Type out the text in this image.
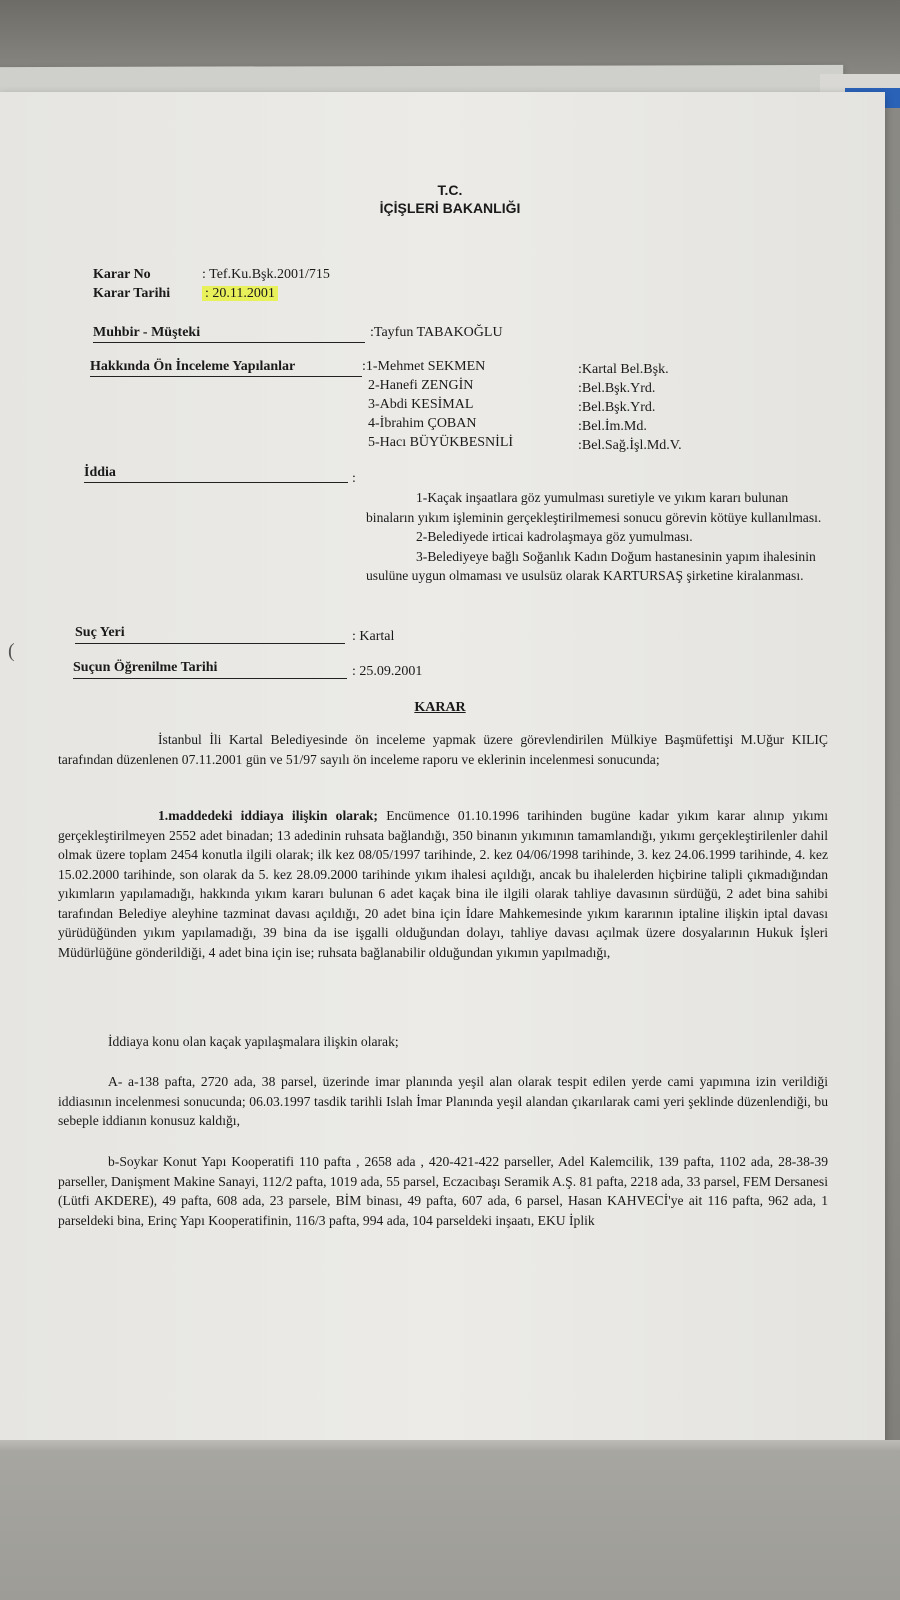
(
T.C.
İÇİŞLERİ BAKANLIĞI
Karar No	: Tef.Ku.Bşk.2001/715
Karar Tarihi : 20.11.2001
Muhbir - Müşteki	:Tayfun TABAKOĞLU
Hakkında Ön İnceleme Yapılanlar	:1-Mehmet SEKMEN	:Kartal Bel.Bşk.
2-Hanefi ZENGİN	:Bel.Bşk.Yrd.
3-Abdi KESİMAL	:Bel.Bşk.Yrd.
4-İbrahim ÇOBAN	:Bel.İm.Md.
5-Hacı BÜYÜKBESNİLİ	:Bel.Sağ.İşl.Md.V.
İddia	:

1-Kaçak inşaatlara göz yumulması suretiyle ve yıkım kararı bulunan binaların yıkım işleminin gerçekleştirilmemesi sonucu görevin kötüye kullanılması.

2-Belediyede irticai kadrolaşmaya göz yumulması.

3-Belediyeye bağlı Soğanlık Kadın Doğum hastanesinin yapım ihalesinin usulüne uygun olmaması ve usulsüz olarak KARTURSAŞ şirketine kiralanması.

Suç Yeri	: Kartal
Suçun Öğrenilme Tarihi	: 25.09.2001
KARAR

İstanbul İli Kartal Belediyesinde ön inceleme yapmak üzere görevlendirilen Mülkiye Başmüfettişi M.Uğur KILIÇ tarafından düzenlenen 07.11.2001 gün ve 51/97 sayılı ön inceleme raporu ve eklerinin incelenmesi sonucunda;

1.maddedeki iddiaya ilişkin olarak; Encümence 01.10.1996 tarihinden bugüne kadar yıkım karar alınıp yıkımı gerçekleştirilmeyen 2552 adet binadan; 13 adedinin ruhsata bağlandığı, 350 binanın yıkımının tamamlandığı, yıkımı gerçekleştirilenler dahil olmak üzere toplam 2454 konutla ilgili olarak; ilk kez 08/05/1997 tarihinde, 2. kez 04/06/1998 tarihinde, 3. kez 24.06.1999 tarihinde, 4. kez 15.02.2000 tarihinde, son olarak da 5. kez 28.09.2000 tarihinde yıkım ihalesi açıldığı, ancak bu ihalelerden hiçbirine talipli çıkmadığından yıkımların yapılamadığı, hakkında yıkım kararı bulunan 6 adet kaçak bina ile ilgili olarak tahliye davasının sürdüğü, 2 adet bina sahibi tarafından Belediye aleyhine tazminat davası açıldığı, 20 adet bina için İdare Mahkemesinde yıkım kararının iptaline ilişkin iptal davası yürüdüğünden yıkım yapılamadığı, 39 bina da ise işgalli olduğundan dolayı, tahliye davası açılmak üzere dosyalarının Hukuk İşleri Müdürlüğüne gönderildiği, 4 adet bina için ise; ruhsata bağlanabilir olduğundan yıkımın yapılmadığı,

İddiaya konu olan kaçak yapılaşmalara ilişkin olarak;

A- a-138 pafta, 2720 ada, 38 parsel, üzerinde imar planında yeşil alan olarak tespit edilen yerde cami yapımına izin verildiği iddiasının incelenmesi sonucunda; 06.03.1997 tasdik tarihli Islah İmar Planında yeşil alandan çıkarılarak cami yeri şeklinde düzenlendiği, bu sebeple iddianın konusuz kaldığı,

b-Soykar Konut Yapı Kooperatifi 110 pafta , 2658 ada , 420-421-422 parseller, Adel Kalemcilik, 139 pafta, 1102 ada, 28-38-39 parseller, Danişment Makine Sanayi, 112/2 pafta, 1019 ada, 55 parsel, Eczacıbaşı Seramik A.Ş. 81 pafta, 2218 ada, 33 parsel, FEM Dersanesi (Lütfi AKDERE), 49 pafta, 608 ada, 23 parsele, BİM binası, 49 pafta, 607 ada, 6 parsel, Hasan KAHVECİ'ye ait 116 pafta, 962 ada, 1 parseldeki bina, Erinç Yapı Kooperatifinin, 116/3 pafta, 994 ada, 104 parseldeki inşaatı, EKU İplik
